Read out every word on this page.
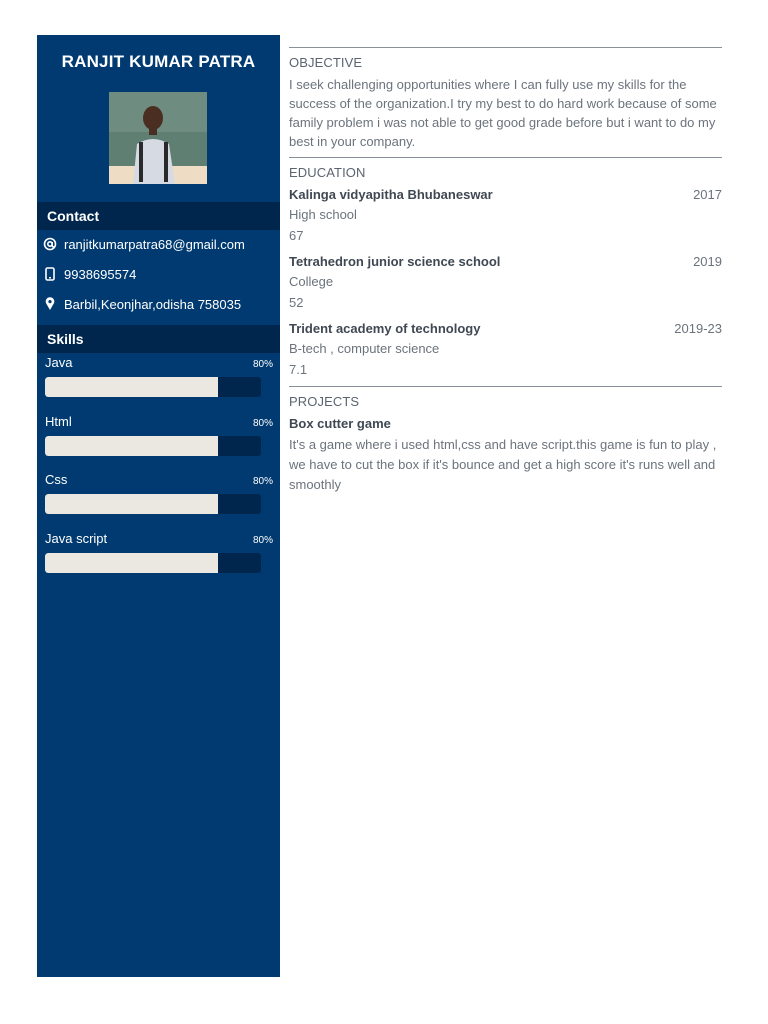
RANJIT KUMAR PATRA
Contact
ranjitkumarpatra68@gmail.com
9938695574
Barbil,Keonjhar,odisha 758035
Skills
Java	80%
Html	80%
Css	80%
Java script	80%
OBJECTIVE

I seek challenging opportunities where I can fully use my skills for the success of the organization.I try my best to do hard work because of some family problem i was not able to get good grade before but i want to do my best in your company.

EDUCATION
Kalinga vidyapitha Bhubaneswar	2017
High school
67
Tetrahedron junior science school	2019
College
52
Trident academy of technology	2019-23
B-tech , computer science
7.1
PROJECTS
Box cutter game

It's a game where i used html,css and have script.this game is fun to play , we have to cut the box if it's bounce and get a high score it's runs well and smoothly
